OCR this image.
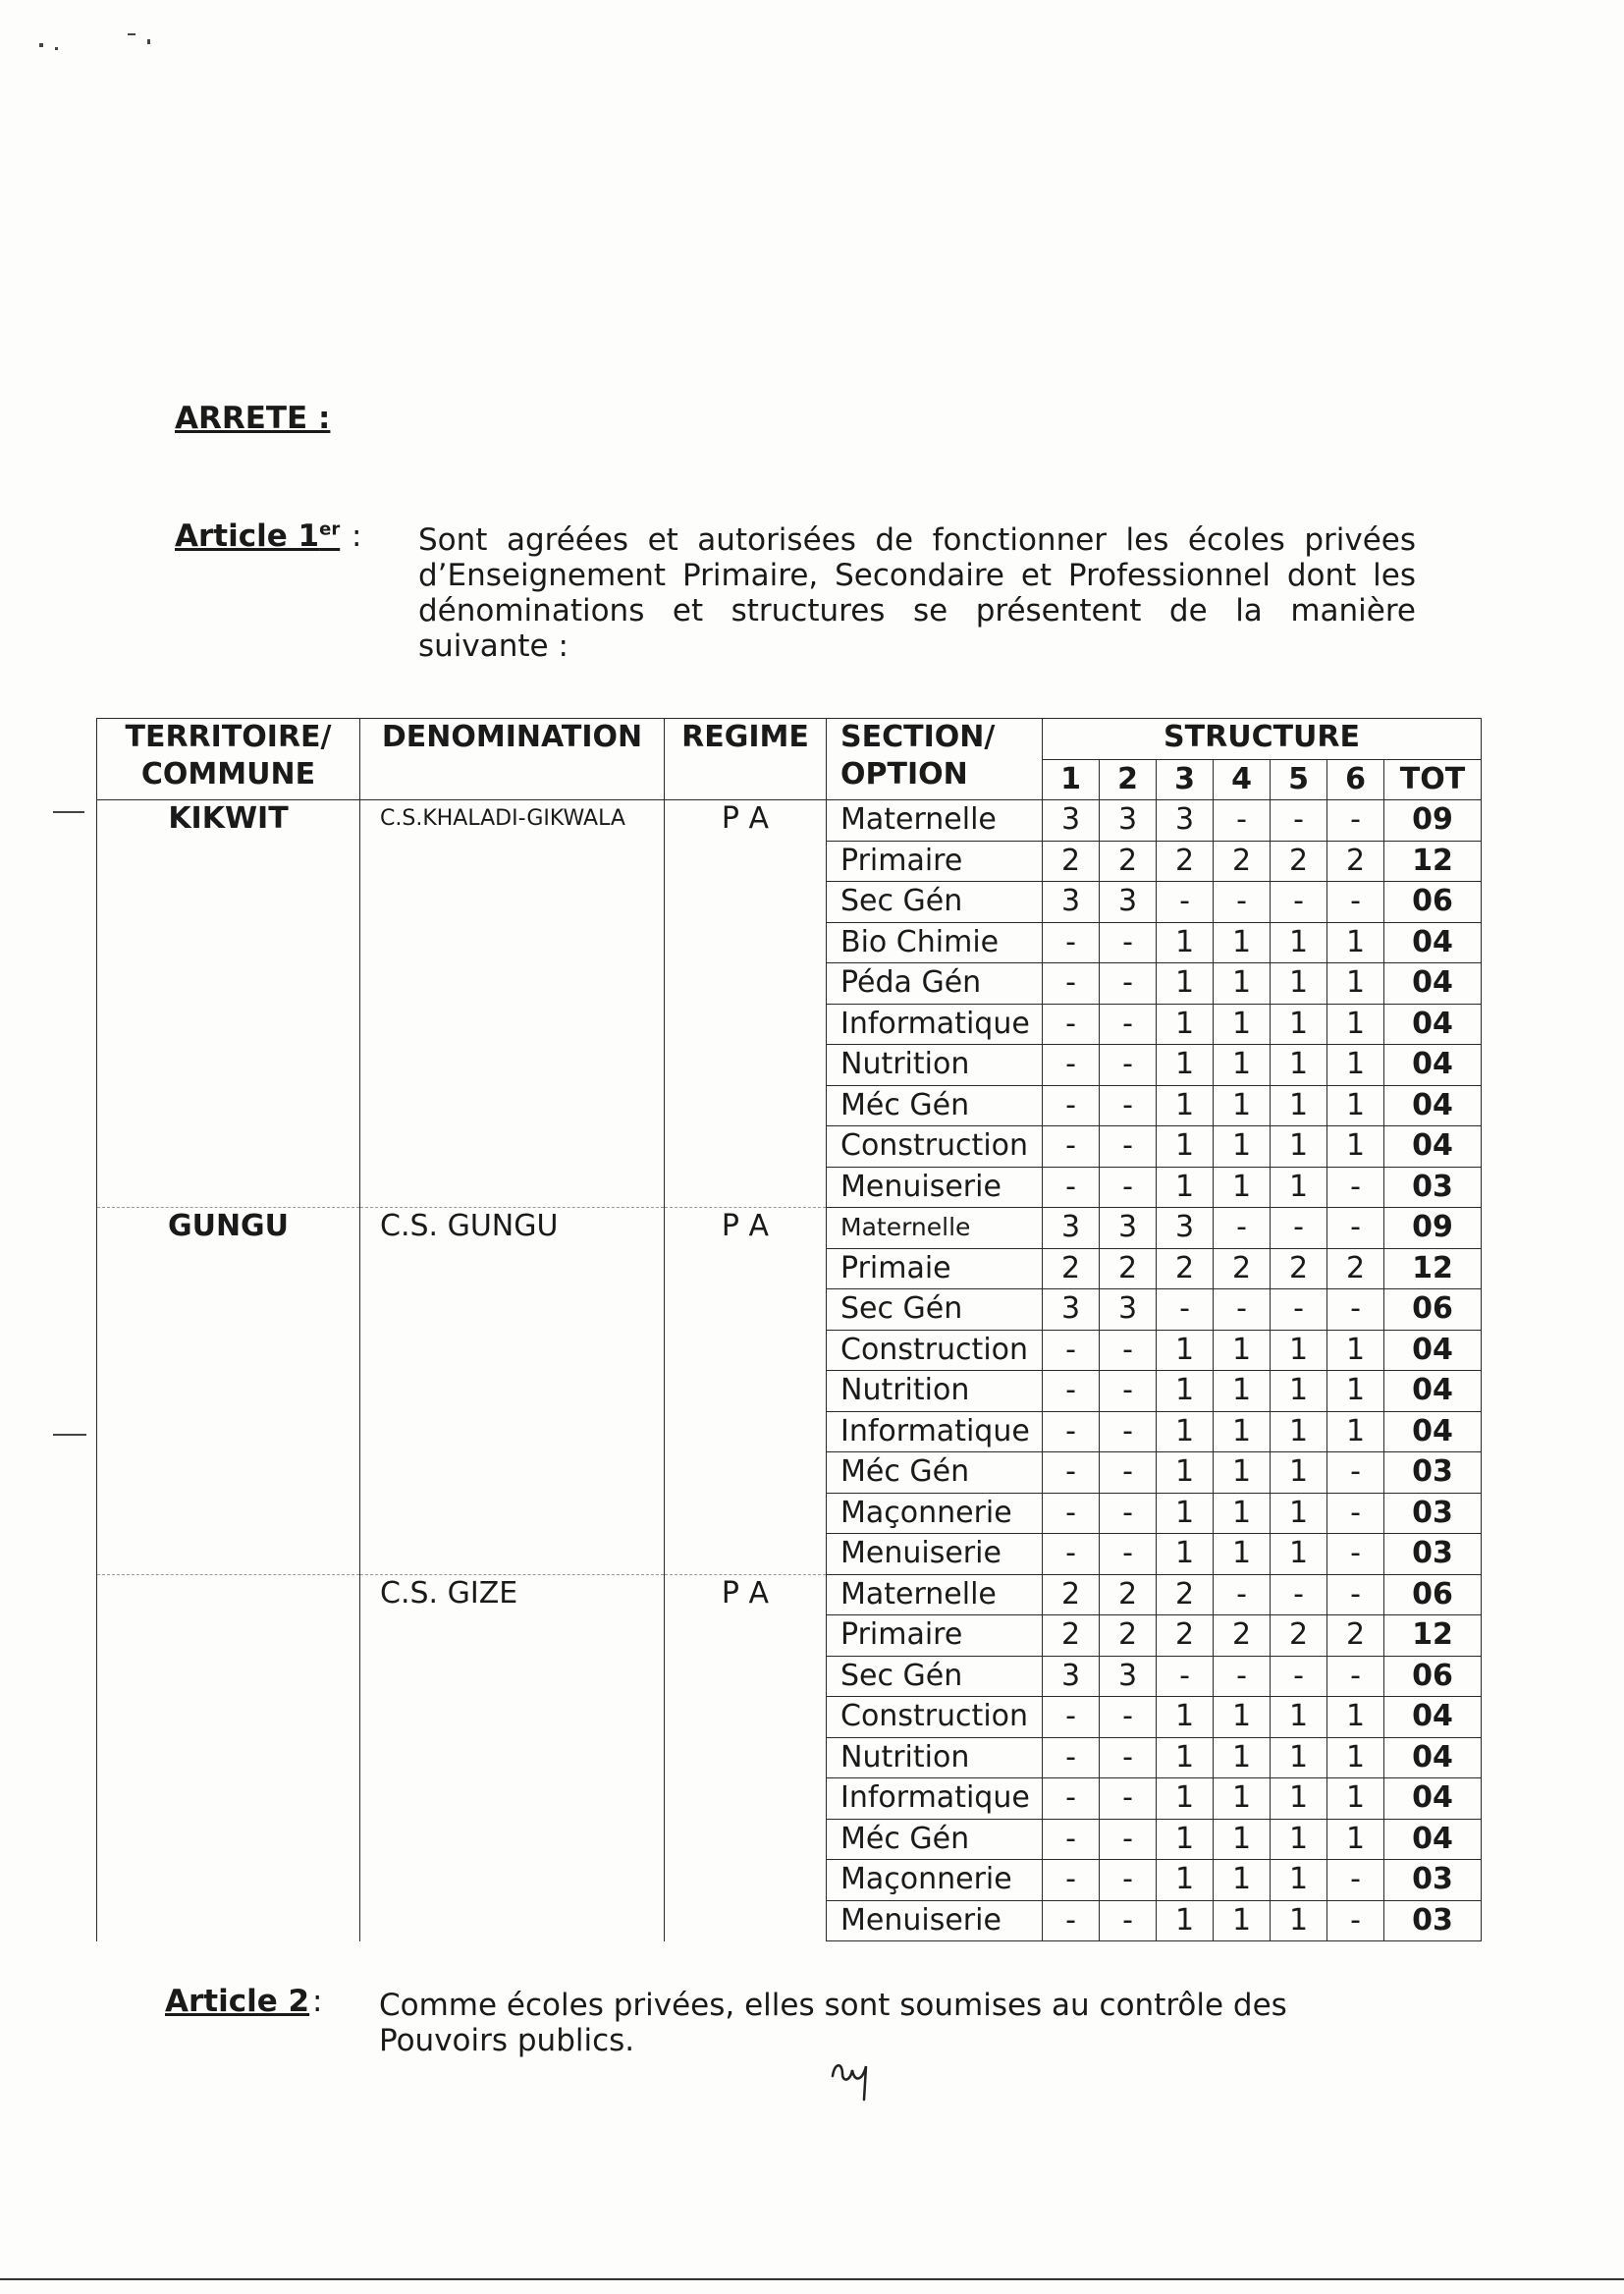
ARRETE :
Article 1er : Sont agréées et autorisées de fonctionner les écoles privées d’Enseignement Primaire, Secondaire et Professionnel dont les dénominations et structures se présentent de la manière suivante :
TERRITOIRE/ COMMUNE	DENOMINATION	REGIME	SECTION/ OPTION	STRUCTURE						
				1	2	3	4	5	6	TOT
KIKWIT	C.S.KHALADI-GIKWALA	P A	Maternelle	3	3	3	-	-	-	09
			Primaire	2	2	2	2	2	2	12
			Sec Gén	3	3	-	-	-	-	06
			Bio Chimie	-	-	1	1	1	1	04
			Péda Gén	-	-	1	1	1	1	04
			Informatique	-	-	1	1	1	1	04
			Nutrition	-	-	1	1	1	1	04
			Méc Gén	-	-	1	1	1	1	04
			Construction	-	-	1	1	1	1	04
			Menuiserie	-	-	1	1	1	-	03
GUNGU	C.S. GUNGU	P A	Maternelle	3	3	3	-	-	-	09
			Primaie	2	2	2	2	2	2	12
			Sec Gén	3	3	-	-	-	-	06
			Construction	-	-	1	1	1	1	04
			Nutrition	-	-	1	1	1	1	04
			Informatique	-	-	1	1	1	1	04
			Méc Gén	-	-	1	1	1	-	03
			Maçonnerie	-	-	1	1	1	-	03
			Menuiserie	-	-	1	1	1	-	03
	C.S. GIZE	P A	Maternelle	2	2	2	-	-	-	06
			Primaire	2	2	2	2	2	2	12
			Sec Gén	3	3	-	-	-	-	06
			Construction	-	-	1	1	1	1	04
			Nutrition	-	-	1	1	1	1	04
			Informatique	-	-	1	1	1	1	04
			Méc Gén	-	-	1	1	1	1	04
			Maçonnerie	-	-	1	1	1	-	03
			Menuiserie	-	-	1	1	1	-	03
Article 2 : Comme écoles privées, elles sont soumises au contrôle des Pouvoirs publics.
